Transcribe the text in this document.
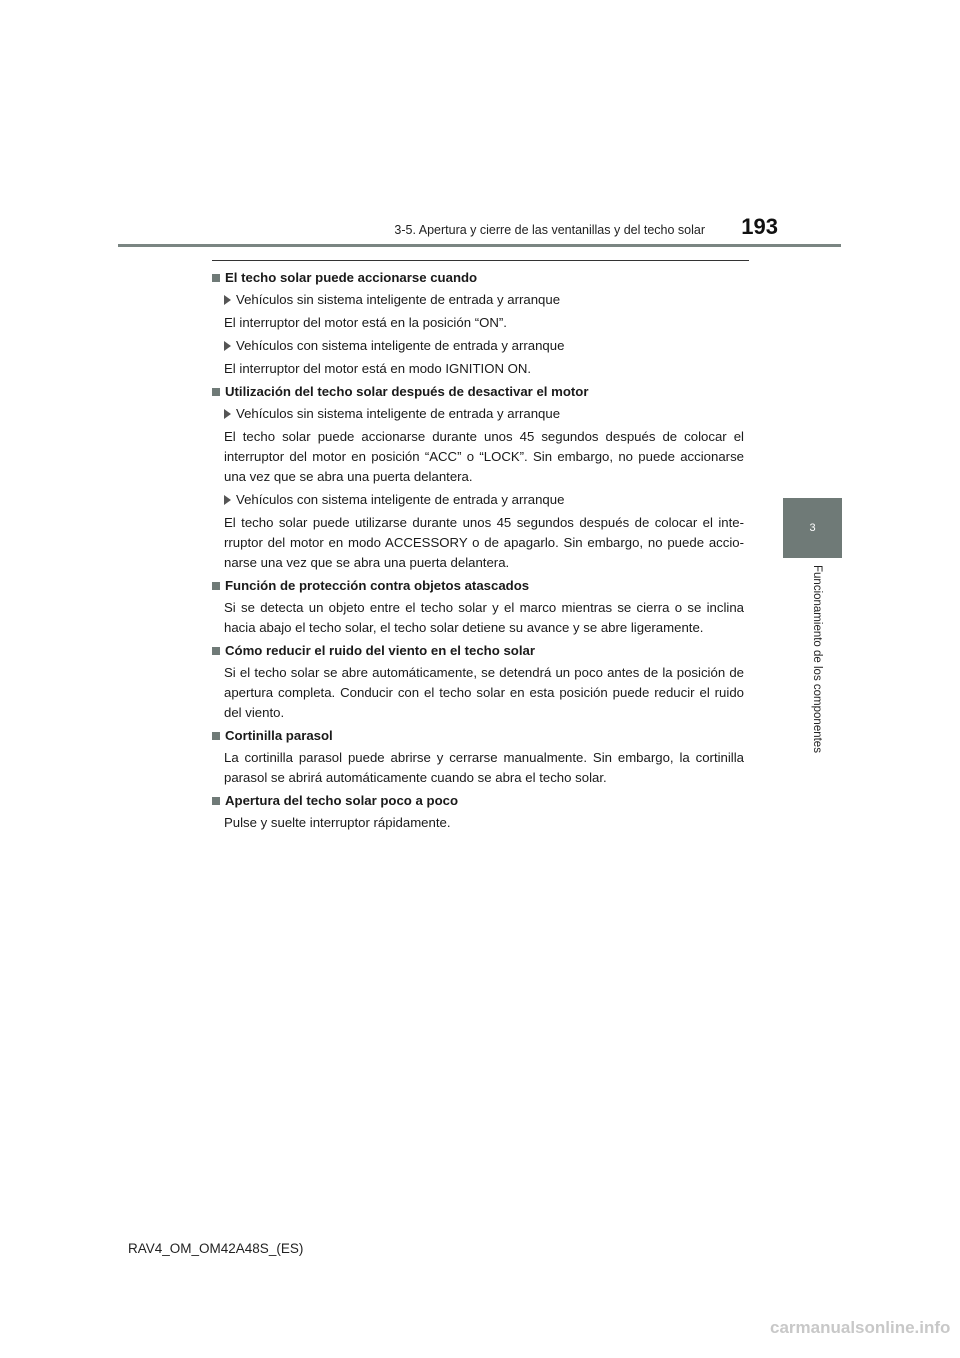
3-5. Apertura y cierre de las ventanillas y del techo solar	193
3
Funcionamiento de los componentes
El techo solar puede accionarse cuando
Vehículos sin sistema inteligente de entrada y arranque
El interruptor del motor está en la posición “ON”.
Vehículos con sistema inteligente de entrada y arranque
El interruptor del motor está en modo IGNITION ON.
Utilización del techo solar después de desactivar el motor
Vehículos sin sistema inteligente de entrada y arranque
El techo solar puede accionarse durante unos 45 segundos después de colocar el interruptor del motor en posición “ACC” o “LOCK”. Sin embargo, no puede accionarse una vez que se abra una puerta delantera.
Vehículos con sistema inteligente de entrada y arranque
El techo solar puede utilizarse durante unos 45 segundos después de colocar el inte-rruptor del motor en modo ACCESSORY o de apagarlo. Sin embargo, no puede accio-narse una vez que se abra una puerta delantera.
Función de protección contra objetos atascados
Si se detecta un objeto entre el techo solar y el marco mientras se cierra o se inclina hacia abajo el techo solar, el techo solar detiene su avance y se abre ligeramente.
Cómo reducir el ruido del viento en el techo solar
Si el techo solar se abre automáticamente, se detendrá un poco antes de la posición de apertura completa. Conducir con el techo solar en esta posición puede reducir el ruido del viento.
Cortinilla parasol
La cortinilla parasol puede abrirse y cerrarse manualmente. Sin embargo, la cortinilla parasol se abrirá automáticamente cuando se abra el techo solar.
Apertura del techo solar poco a poco
Pulse y suelte interruptor rápidamente.
RAV4_OM_OM42A48S_(ES)
carmanualsonline.info
